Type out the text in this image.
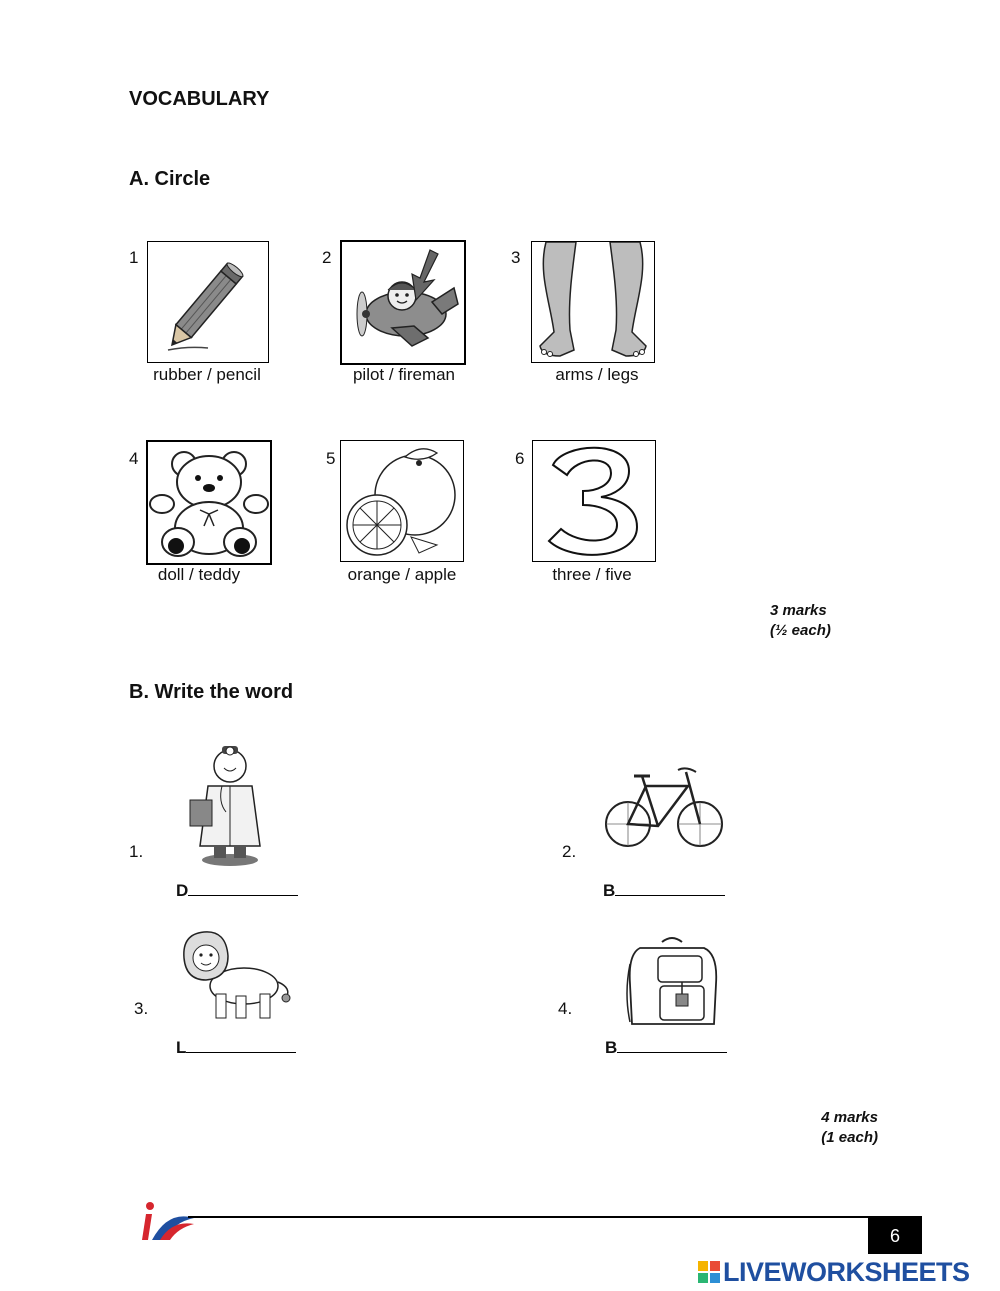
VOCABULARY
A. Circle
1	2	3
4	5	6
rubber / pencil	pilot / fireman	arms / legs
doll / teddy	orange / apple	three / five
3 marks
(½ each)
B. Write the word
1.
D
2.
B
3.
L
4.
B
4 marks
(1 each)
6
LIVEWORKSHEETS
